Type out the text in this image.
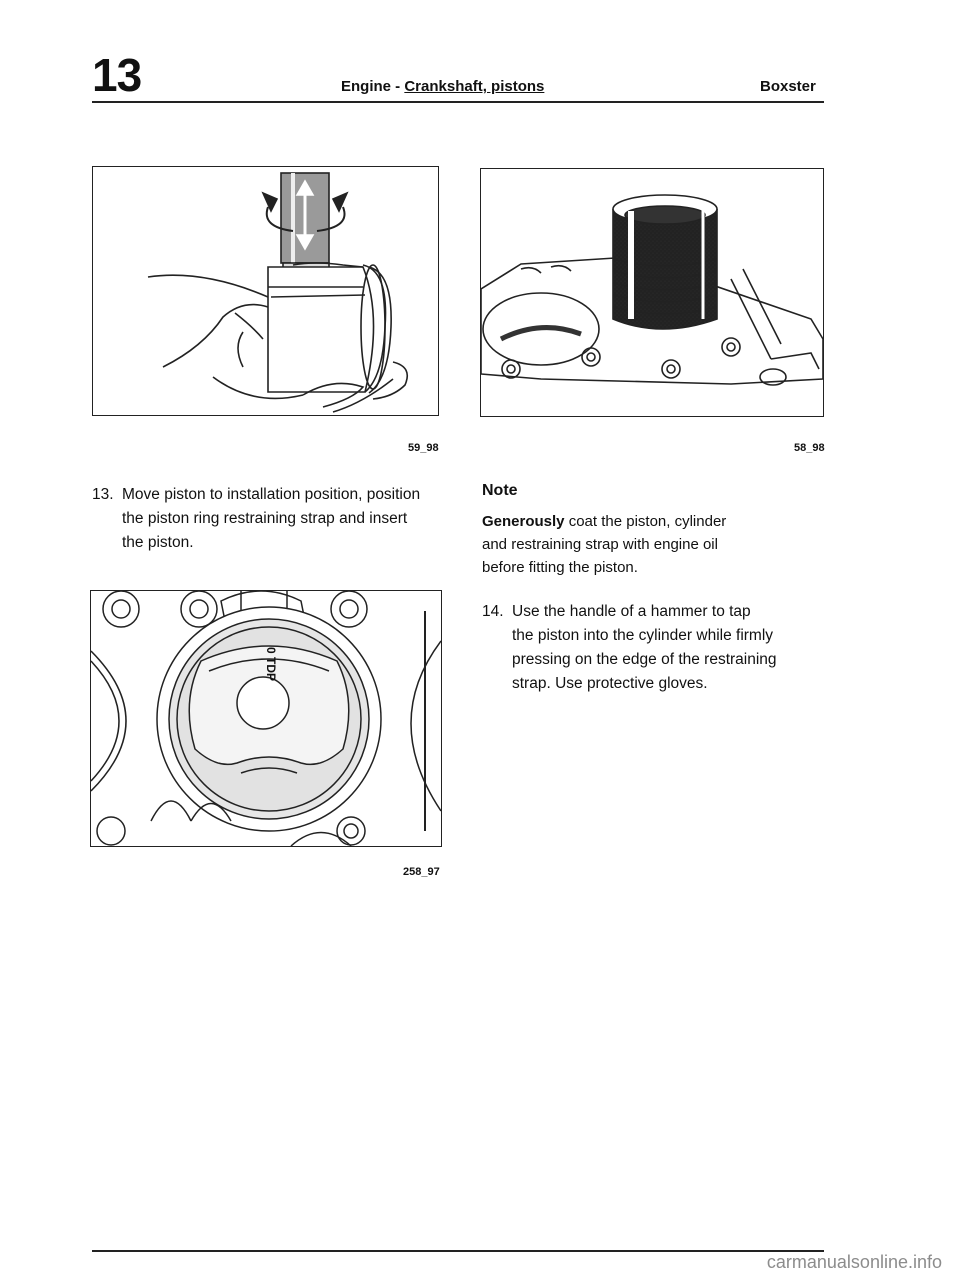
13	Engine - Crankshaft, pistons	Boxster
59_98	58_98
13. Move piston to installation position, position
the piston ring restraining strap and insert
the piston.
0 TDP
258_97
Note
Generously coat the piston, cylinder
and restraining strap with engine oil
before fitting the piston.
14. Use the handle of a hammer to tap
the piston into the cylinder while firmly
pressing on the edge of the restraining
strap. Use protective gloves.
carmanualsonline.info
